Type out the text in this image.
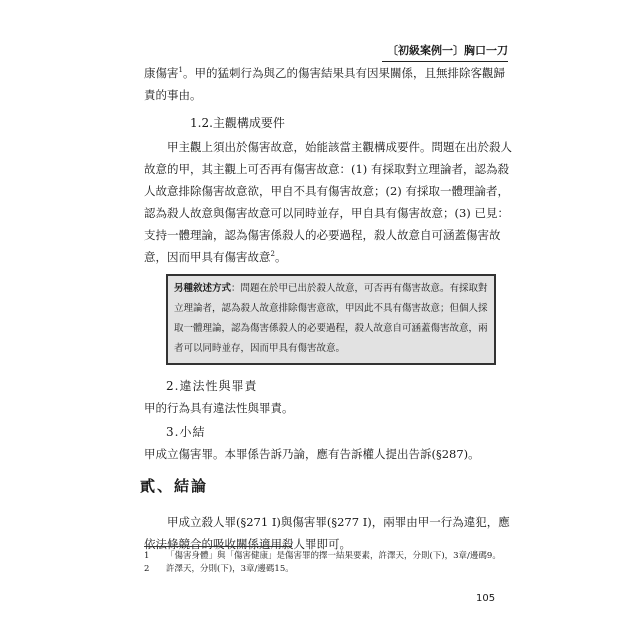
〔初級案例一〕胸口一刀

康傷害$^1$。甲的猛刺行為與乙的傷害結果具有因果關係，且無排除客觀歸責的事由。

1.2.主觀構成要件

甲主觀上須出於傷害故意，始能該當主觀構成要件。問題在出於殺人故意的甲，其主觀上可否再有傷害故意：(1) 有採取對立理論者，認為殺人故意排除傷害故意欲，甲自不具有傷害故意；(2) 有採取一體理論者，認為殺人故意與傷害故意可以同時並存，甲自具有傷害故意；(3) 已見：支持一體理論，認為傷害係殺人的必要過程，殺人故意自可涵蓋傷害故意，因而甲具有傷害故意$^2$。

另種敘述方式：問題在於甲已出於殺人故意，可否再有傷害故意。有採取對立理論者，認為殺人故意排除傷害意欲，甲因此不具有傷害故意；但個人採取一體理論，認為傷害係殺人的必要過程，殺人故意自可涵蓋傷害故意，兩者可以同時並存，因而甲具有傷害故意。
2.違法性與罪責

甲的行為具有違法性與罪責。

3.小結

甲成立傷害罪。本罪係告訴乃論，應有告訴權人提出告訴(§287)。

貳、結論

甲成立殺人罪(§271 I)與傷害罪(§277 I)，兩罪由甲一行為違犯，應依法條競合的吸收關係適用殺人罪即可。

1	「傷害身體」與「傷害健康」是傷害罪的擇一結果要素，許澤天，分則(下)，3章/邊碼9。
2	許澤天，分則(下)，3章/邊碼15。
105
